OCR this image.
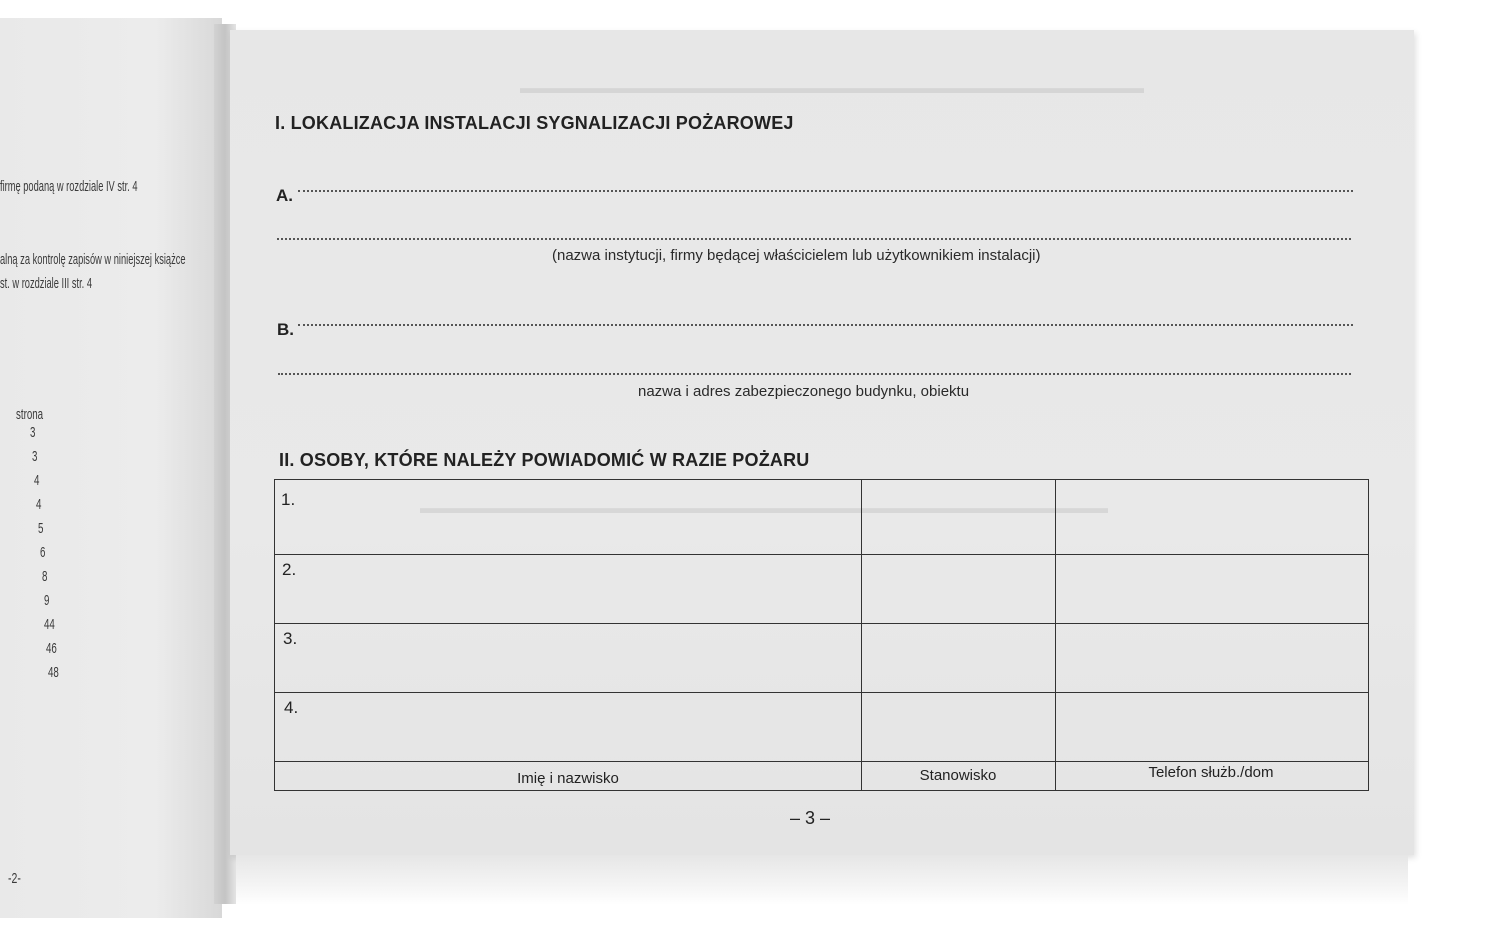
firmę podaną w rozdziale IV str. 4
alną za kontrolę zapisów w niniejszej książce
st. w rozdziale III str. 4
strona
3
3
4
4
5
6
8
9
44
46
48
-2-
▬▬▬▬▬▬▬▬▬▬▬▬▬▬▬▬▬▬▬▬▬▬▬▬▬▬▬▬▬▬▬▬▬▬▬▬▬▬▬
▬▬▬▬▬▬▬▬▬▬▬▬▬▬▬▬▬▬▬▬▬▬▬▬▬▬▬▬▬▬▬▬▬▬▬▬▬▬▬▬▬▬▬
I. LOKALIZACJA INSTALACJI SYGNALIZACJI POŻAROWEJ
A.
(nazwa instytucji, firmy będącej właścicielem lub użytkownikiem instalacji)
B.
nazwa i adres zabezpieczonego budynku, obiektu
II. OSOBY, KTÓRE NALEŻY POWIADOMIĆ W RAZIE POŻARU
1.
2.
3.
4.
Imię i nazwisko	Stanowisko	Telefon służb./dom
– 3 –
